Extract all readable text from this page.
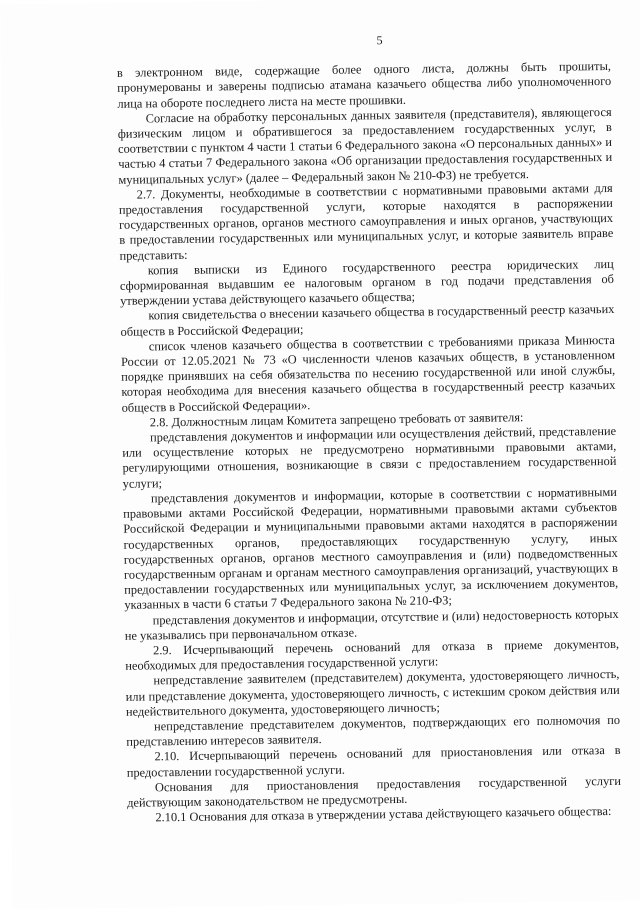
5

в электронном виде, содержащие более одного листа, должны быть прошиты, пронумерованы и заверены подписью атамана казачьего общества либо уполномоченного лица на обороте последнего листа на месте прошивки.

Согласие на обработку персональных данных заявителя (представителя), являющегося физическим лицом и обратившегося за предоставлением государственных услуг, в соответствии с пунктом 4 части 1 статьи 6 Федерального закона «О персональных данных» и частью 4 статьи 7 Федерального закона «Об организации предоставления государственных и муниципальных услуг» (далее – Федеральный закон № 210-ФЗ) не требуется.

2.7. Документы, необходимые в соответствии с нормативными правовыми актами для предоставления государственной услуги, которые находятся в распоряжении государственных органов, органов местного самоуправления и иных органов, участвующих в предоставлении государственных или муниципальных услуг, и которые заявитель вправе представить:

копия выписки из Единого государственного реестра юридических лиц сформированная выдавшим ее налоговым органом в год подачи представления об утверждении устава действующего казачьего общества;

копия свидетельства о внесении казачьего общества в государственный реестр казачьих обществ в Российской Федерации;

список членов казачьего общества в соответствии с требованиями приказа Минюста России от 12.05.2021 № 73 «О численности членов казачьих обществ, в установленном порядке принявших на себя обязательства по несению государственной или иной службы, которая необходима для внесения казачьего общества в государственный реестр казачьих обществ в Российской Федерации».

2.8. Должностным лицам Комитета запрещено требовать от заявителя:

представления документов и информации или осуществления действий, представление или осуществление которых не предусмотрено нормативными правовыми актами, регулирующими отношения, возникающие в связи с предоставлением государственной услуги;

представления документов и информации, которые в соответствии с нормативными правовыми актами Российской Федерации, нормативными правовыми актами субъектов Российской Федерации и муниципальными правовыми актами находятся в распоряжении государственных органов, предоставляющих государственную услугу, иных государственных органов, органов местного самоуправления и (или) подведомственных государственным органам и органам местного самоуправления организаций, участвующих в предоставлении государственных или муниципальных услуг, за исключением документов, указанных в части 6 статьи 7 Федерального закона № 210-ФЗ;

представления документов и информации, отсутствие и (или) недостоверность которых не указывались при первоначальном отказе.

2.9. Исчерпывающий перечень оснований для отказа в приеме документов, необходимых для предоставления государственной услуги:

непредставление заявителем (представителем) документа, удостоверяющего личность, или представление документа, удостоверяющего личность, с истекшим сроком действия или недействительного документа, удостоверяющего личность;

непредставление представителем документов, подтверждающих его полномочия по представлению интересов заявителя.

2.10. Исчерпывающий перечень оснований для приостановления или отказа в предоставлении государственной услуги.

Основания для приостановления предоставления государственной услуги действующим законодательством не предусмотрены.

2.10.1 Основания для отказа в утверждении устава действующего казачьего общества:
